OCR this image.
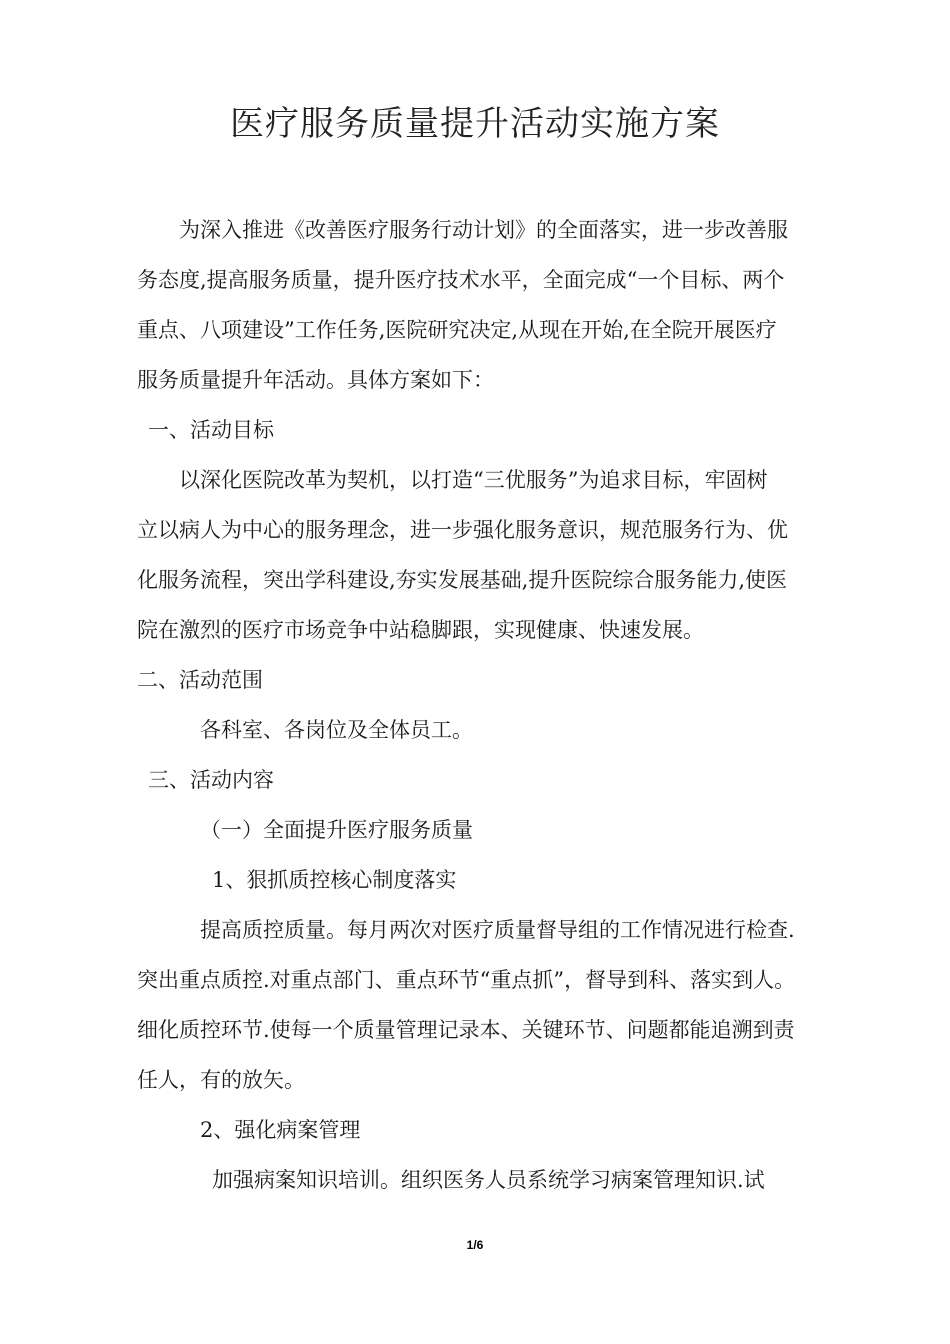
医疗服务质量提升活动实施方案
为深入推进《改善医疗服务行动计划》的全面落实，进一步改善服
务态度,提高服务质量，提升医疗技术水平，全面完成“一个目标、两个
重点、八项建设”工作任务,医院研究决定,从现在开始,在全院开展医疗
服务质量提升年活动。具体方案如下：
一、活动目标
以深化医院改革为契机，以打造“三优服务”为追求目标，牢固树
立以病人为中心的服务理念，进一步强化服务意识，规范服务行为、优
化服务流程，突出学科建设,夯实发展基础,提升医院综合服务能力,使医
院在激烈的医疗市场竞争中站稳脚跟，实现健康、快速发展。
二、活动范围
各科室、各岗位及全体员工。
三、活动内容
（一）全面提升医疗服务质量
1、狠抓质控核心制度落实
提高质控质量。每月两次对医疗质量督导组的工作情况进行检查.
突出重点质控.对重点部门、重点环节“重点抓”，督导到科、落实到人。
细化质控环节.使每一个质量管理记录本、关键环节、问题都能追溯到责
任人，有的放矢。
2、强化病案管理
加强病案知识培训。组织医务人员系统学习病案管理知识.试
1/6
